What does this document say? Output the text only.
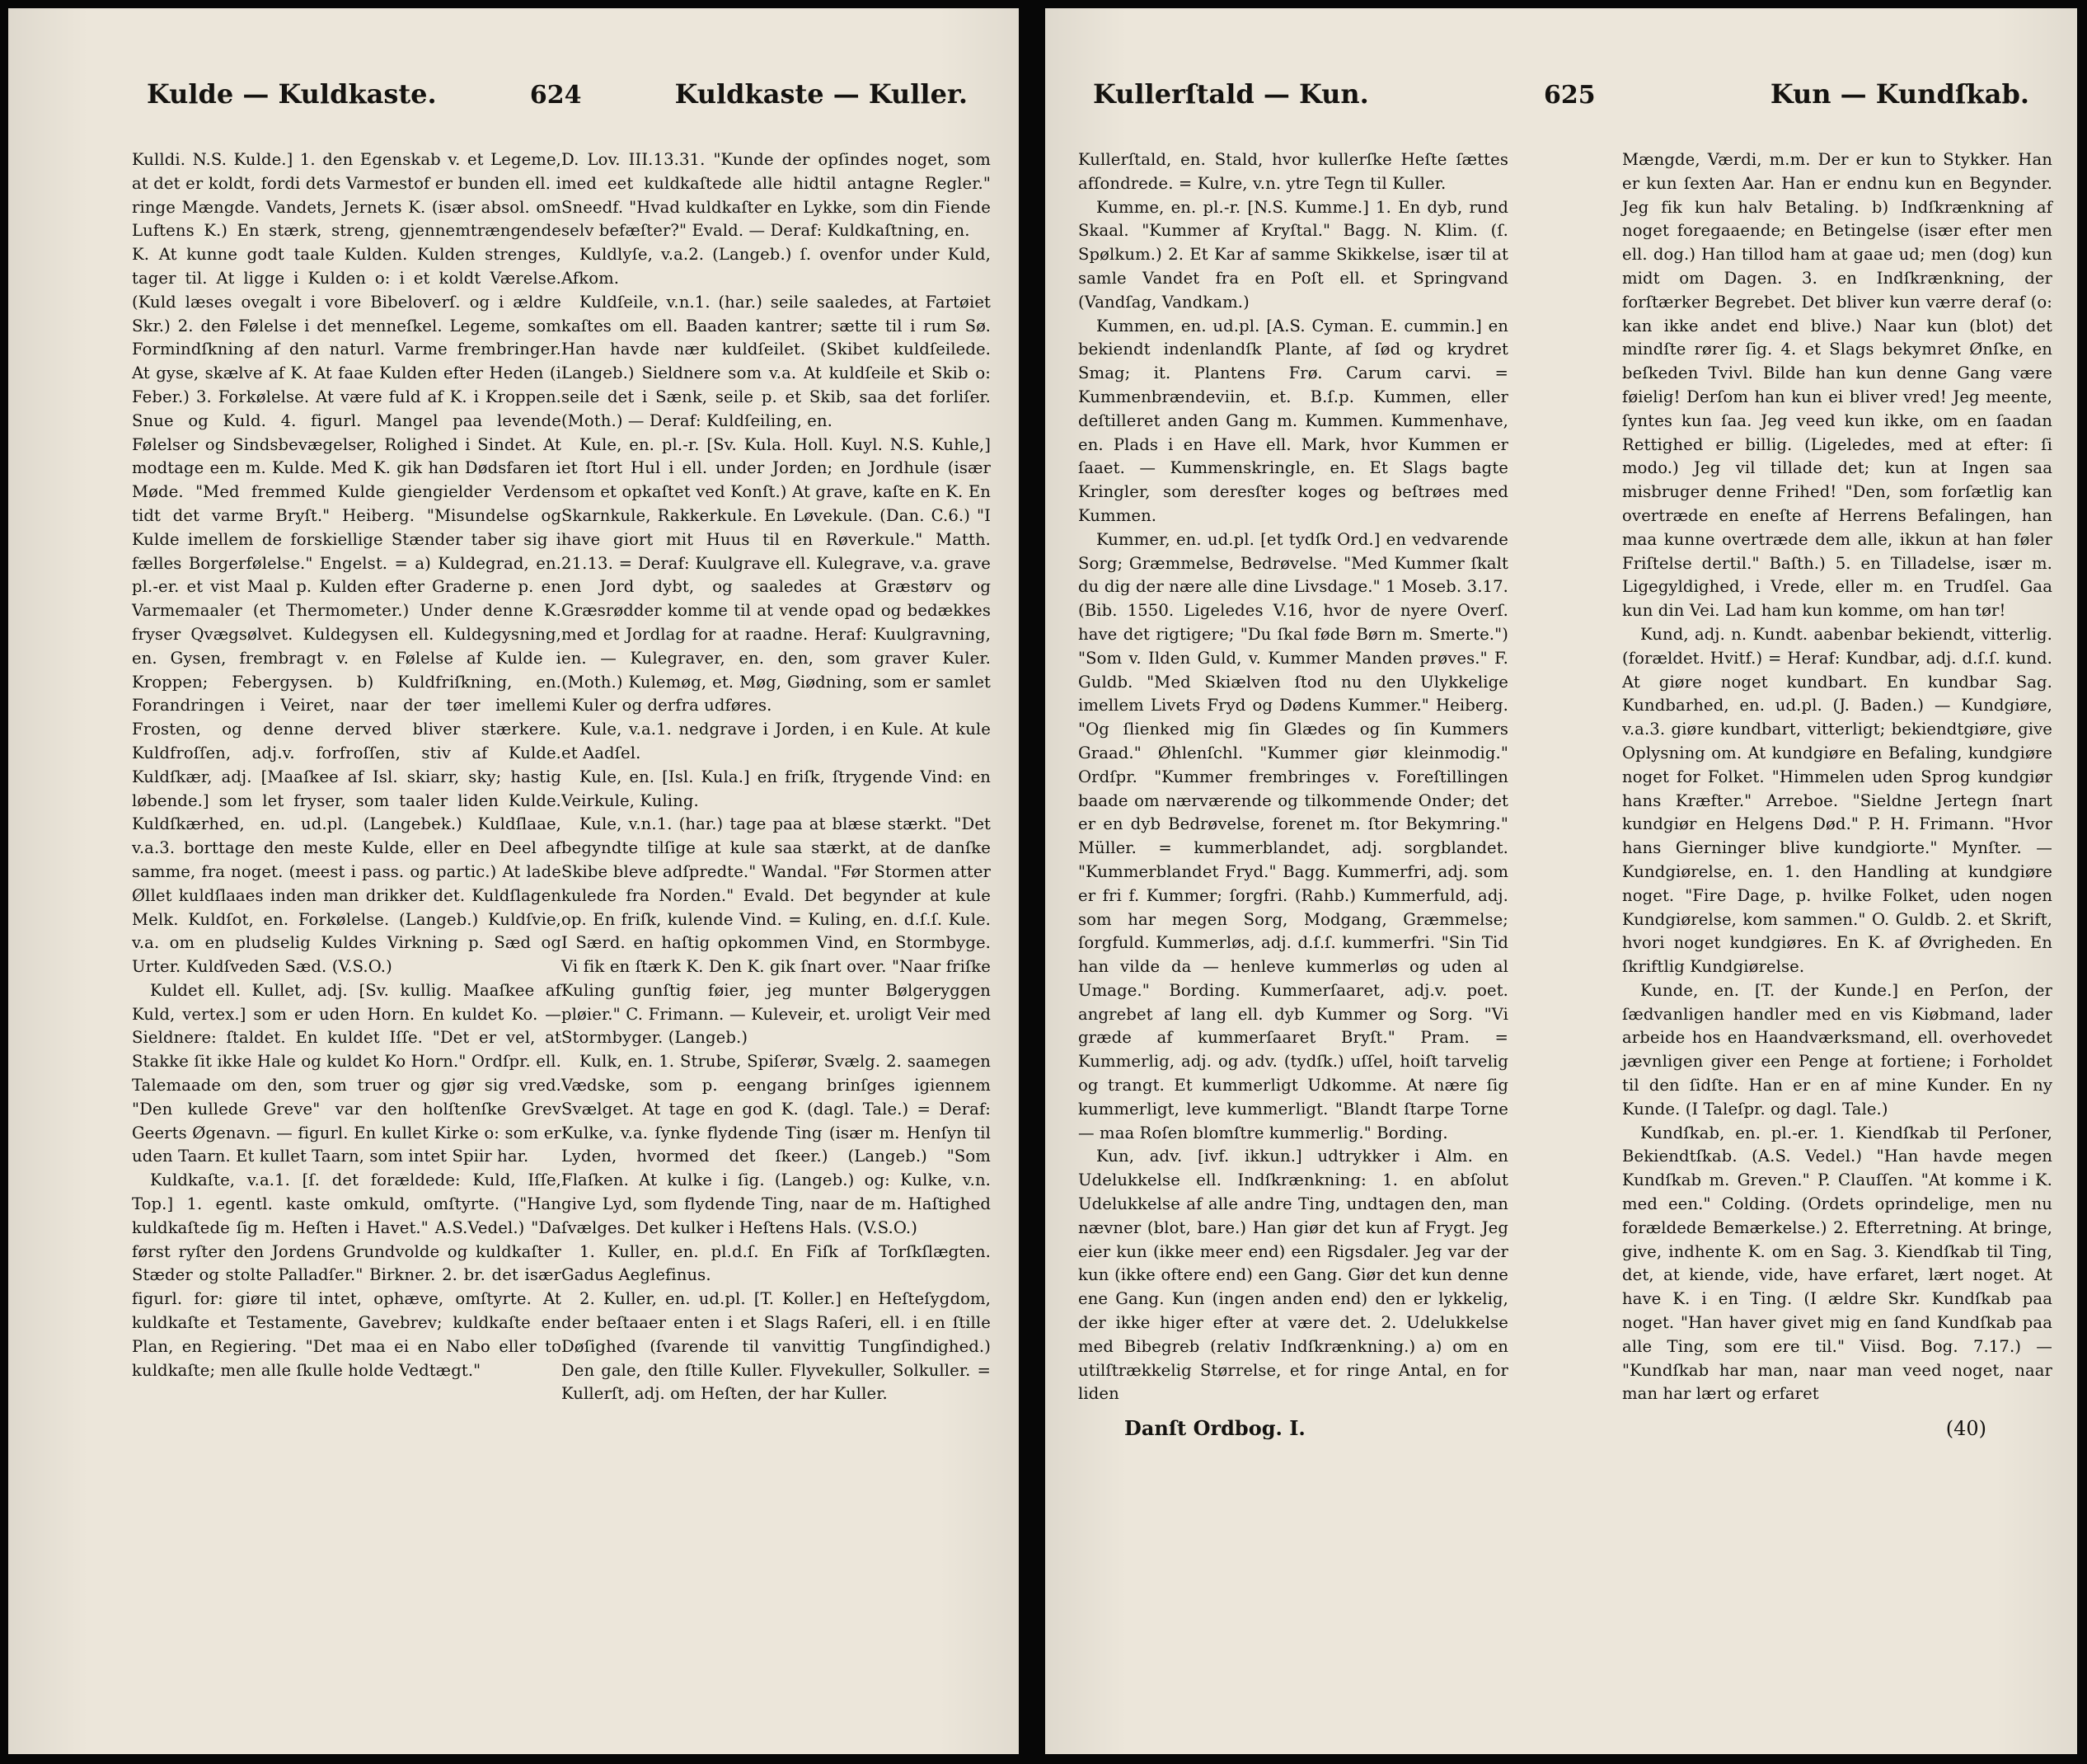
Kulde — Kuldkaste.	624	Kuldkaste — Kuller.

Kulldi. N.S. Kulde.] 1. den Egenskab v. et Legeme, at det er koldt, fordi dets Varmestof er bunden ell. i ringe Mængde. Vandets, Jernets K. (især absol. om Luftens K.) En stærk, streng, gjennemtrængende K. At kunne godt taale Kulden. Kulden strenges, tager til. At ligge i Kulden o: i et koldt Værelse. (Kuld læses ovegalt i vore Bibeloverſ. og i ældre Skr.) 2. den Følelse i det menneſkel. Legeme, som Formindſkning af den naturl. Varme frembringer. At gyse, skælve af K. At faae Kulden efter Heden (i Feber.) 3. Forkølelse. At være fuld af K. i Kroppen. Snue og Kuld. 4. figurl. Mangel paa levende Følelser og Sindsbevægelser, Rolighed i Sindet. At modtage een m. Kulde. Med K. gik han Dødsfaren i Møde. "Med fremmed Kulde giengielder Verden tidt det varme Bryſt." Heiberg. "Misundelse og Kulde imellem de forskiellige Stænder taber sig i fælles Borgerfølelse." Engelst. = a) Kuldegrad, en. pl.-er. et vist Maal p. Kulden efter Graderne p. en Varmemaaler (et Thermometer.) Under denne K. fryser Qvægsølvet. Kuldegysen ell. Kuldegysning, en. Gysen, frembragt v. en Følelse af Kulde i Kroppen; Febergysen. b) Kuldfriſkning, en. Forandringen i Veiret, naar der tøer imellem Frosten, og denne derved bliver stærkere. Kuldfroſſen, adj.v. forfroſſen, stiv af Kulde. Kuldſkær, adj. [Maaſkee af Isl. skiarr, sky; hastig løbende.] som let fryser, som taaler liden Kulde. Kuldſkærhed, en. ud.pl. (Langebek.) Kuldſlaae, v.a.3. borttage den meste Kulde, eller en Deel af samme, fra noget. (meest i pass. og partic.) At lade Øllet kuldſlaaes inden man drikker det. Kuldſlagen Melk. Kuldſot, en. Forkølelse. (Langeb.) Kuldſvie, v.a. om en pludselig Kuldes Virkning p. Sæd og Urter. Kuldſveden Sæd. (V.S.O.)

Kuldet ell. Kullet, adj. [Sv. kullig. Maaſkee af Kuld, vertex.] som er uden Horn. En kuldet Ko. — Sieldnere: ſtaldet. En kuldet Iſſe. "Det er vel, at Stakke ſit ikke Hale og kuldet Ko Horn." Ordſpr. ell. Talemaade om den, som truer og gjør sig vred. "Den kullede Greve" var den holſtenſke Grev Geerts Øgenavn. — figurl. En kullet Kirke o: som er uden Taarn. Et kullet Taarn, som intet Spiir har.

Kuldkaſte, v.a.1. [ſ. det forældede: Kuld, Iſſe, Top.] 1. egentl. kaste omkuld, omſtyrte. ("Han kuldkaſtede ſig m. Heſten i Havet." A.S.Vedel.) "Da først ryſter den Jordens Grundvolde og kuldkaſter Stæder og stolte Palladſer." Birkner. 2. br. det især figurl. for: giøre til intet, ophæve, omſtyrte. At kuldkaſte et Testamente, Gavebrev; kuldkaſte en Plan, en Regiering. "Det maa ei en Nabo eller to kuldkaſte; men alle ſkulle holde Vedtægt."

D. Lov. III.13.31. "Kunde der opſindes noget, som med eet kuldkaſtede alle hidtil antagne Regler." Sneedf. "Hvad kuldkaſter en Lykke, som din Fiende selv befæſter?" Evald. — Deraf: Kuldkaſtning, en.

Kuldlyſe, v.a.2. (Langeb.) ſ. ovenfor under Kuld, Afkom.

Kuldſeile, v.n.1. (har.) seile saaledes, at Fartøiet kaſtes om ell. Baaden kantrer; sætte til i rum Sø. Han havde nær kuldſeilet. (Skibet kuldſeilede. Langeb.) Sieldnere som v.a. At kuldſeile et Skib o: seile det i Sænk, seile p. et Skib, saa det forliſer. (Moth.) — Deraf: Kuldſeiling, en.

Kule, en. pl.-r. [Sv. Kula. Holl. Kuyl. N.S. Kuhle,] et ſtort Hul i ell. under Jorden; en Jordhule (især som et opkaſtet ved Konſt.) At grave, kaſte en K. En Skarnkule, Rakkerkule. En Løvekule. (Dan. C.6.) "I have giort mit Huus til en Røverkule." Matth. 21.13. = Deraf: Kuulgrave ell. Kulegrave, v.a. grave en Jord dybt, og saaledes at Græstørv og Græsrødder komme til at vende opad og bedækkes med et Jordlag for at raadne. Heraf: Kuulgravning, en. — Kulegraver, en. den, som graver Kuler. (Moth.) Kulemøg, et. Møg, Giødning, som er samlet i Kuler og derfra udføres.

Kule, v.a.1. nedgrave i Jorden, i en Kule. At kule et Aadſel.

Kule, en. [Isl. Kula.] en friſk, ſtrygende Vind: en Veirkule, Kuling.

Kule, v.n.1. (har.) tage paa at blæse stærkt. "Det begyndte tilſige at kule saa stærkt, at de danſke Skibe bleve adſpredte." Wandal. "Før Stormen atter kulede fra Norden." Evald. Det begynder at kule op. En friſk, kulende Vind. = Kuling, en. d.ſ.ſ. Kule. I Særd. en haſtig opkommen Vind, en Stormbyge. Vi fik en ſtærk K. Den K. gik ſnart over. "Naar friſke Kuling gunſtig føier, jeg munter Bølgeryggen pløier." C. Frimann. — Kuleveir, et. uroligt Veir med Stormbyger. (Langeb.)

Kulk, en. 1. Strube, Spiſerør, Svælg. 2. saamegen Vædske, som p. eengang brinſges igiennem Svælget. At tage en god K. (dagl. Tale.) = Deraf: Kulke, v.a. ſynke flydende Ting (især m. Henſyn til Lyden, hvormed det ſkeer.) (Langeb.) "Som Flaſken. At kulke i ſig. (Langeb.) og: Kulke, v.n. give Lyd, som flydende Ting, naar de m. Haſtighed ſvælges. Det kulker i Heſtens Hals. (V.S.O.)

1. Kuller, en. pl.d.ſ. En Fiſk af Torſkſlægten. Gadus Aeglefinus.

2. Kuller, en. ud.pl. [T. Koller.] en Heſteſygdom, der beſtaaer enten i et Slags Raſeri, ell. i en ſtille Døſighed (ſvarende til vanvittig Tungſindighed.) Den gale, den ſtille Kuller. Flyvekuller, Solkuller. = Kullerſt, adj. om Heſten, der har Kuller.

Kullerſtald — Kun.	625	Kun — Kundſkab.

Kullerſtald, en. Stald, hvor kullerſke Heſte ſættes afſondrede. = Kulre, v.n. ytre Tegn til Kuller.

Kumme, en. pl.-r. [N.S. Kumme.] 1. En dyb, rund Skaal. "Kummer af Kryſtal." Bagg. N. Klim. (ſ. Spølkum.) 2. Et Kar af samme Skikkelse, især til at samle Vandet fra en Poſt ell. et Springvand (Vandſag, Vandkam.)

Kummen, en. ud.pl. [A.S. Cyman. E. cummin.] en bekiendt indenlandſk Plante, af ſød og krydret Smag; it. Plantens Frø. Carum carvi. = Kummenbrændeviin, et. B.ſ.p. Kummen, eller deſtilleret anden Gang m. Kummen. Kummenhave, en. Plads i en Have ell. Mark, hvor Kummen er ſaaet. — Kummenskringle, en. Et Slags bagte Kringler, som deresſter koges og beſtrøes med Kummen.

Kummer, en. ud.pl. [et tydſk Ord.] en vedvarende Sorg; Græmmelse, Bedrøvelse. "Med Kummer ſkalt du dig der nære alle dine Livsdage." 1 Moseb. 3.17. (Bib. 1550. Ligeledes V.16, hvor de nyere Overſ. have det rigtigere; "Du ſkal føde Børn m. Smerte.") "Som v. Ilden Guld, v. Kummer Manden prøves." F. Guldb. "Med Skiælven ſtod nu den Ulykkelige imellem Livets Fryd og Dødens Kummer." Heiberg. "Og ſlienked mig ſin Glædes og ſin Kummers Graad." Øhlenſchl. "Kummer giør kleinmodig." Ordſpr. "Kummer frembringes v. Foreſtillingen baade om nærværende og tilkommende Onder; det er en dyb Bedrøvelse, forenet m. ſtor Bekymring." Müller. = kummerblandet, adj. sorgblandet. "Kummerblandet Fryd." Bagg. Kummerfri, adj. som er fri f. Kummer; ſorgfri. (Rahb.) Kummerfuld, adj. som har megen Sorg, Modgang, Græmmelse; ſorgfuld. Kummerløs, adj. d.ſ.ſ. kummerfri. "Sin Tid han vilde da — henleve kummerløs og uden al Umage." Bording. Kummerſaaret, adj.v. poet. angrebet af lang ell. dyb Kummer og Sorg. "Vi græde af kummerſaaret Bryſt." Pram. = Kummerlig, adj. og adv. (tydſk.) uſſel, hoiſt tarvelig og trangt. Et kummerligt Udkomme. At nære ſig kummerligt, leve kummerligt. "Blandt ſtarpe Torne — maa Roſen blomſtre kummerlig." Bording.

Kun, adv. [ivf. ikkun.] udtrykker i Alm. en Udelukkelse ell. Indſkrænkning: 1. en abſolut Udelukkelse af alle andre Ting, undtagen den, man nævner (blot, bare.) Han giør det kun af Frygt. Jeg eier kun (ikke meer end) een Rigsdaler. Jeg var der kun (ikke oftere end) een Gang. Giør det kun denne ene Gang. Kun (ingen anden end) den er lykkelig, der ikke higer efter at være det. 2. Udelukkelse med Bibegreb (relativ Indſkrænkning.) a) om en utilſtrækkelig Størrelse, et for ringe Antal, en for liden

Mængde, Værdi, m.m. Der er kun to Stykker. Han er kun ſexten Aar. Han er endnu kun en Begynder. Jeg fik kun halv Betaling. b) Indſkrænkning af noget foregaaende; en Betingelse (især efter men ell. dog.) Han tillod ham at gaae ud; men (dog) kun midt om Dagen. 3. en Indſkrænkning, der forſtærker Begrebet. Det bliver kun værre deraf (o: kan ikke andet end blive.) Naar kun (blot) det mindſte rører ſig. 4. et Slags bekymret Ønſke, en beſkeden Tvivl. Bilde han kun denne Gang være føielig! Derſom han kun ei bliver vred! Jeg meente, ſyntes kun ſaa. Jeg veed kun ikke, om en ſaadan Rettighed er billig. (Ligeledes, med at efter: ſi modo.) Jeg vil tillade det; kun at Ingen saa misbruger denne Frihed! "Den, som forſætlig kan overtræde en eneſte af Herrens Befalingen, han maa kunne overtræde dem alle, ikkun at han føler Friſtelse dertil." Baſth.) 5. en Tilladelse, især m. Ligegyldighed, i Vrede, eller m. en Trudſel. Gaa kun din Vei. Lad ham kun komme, om han tør!

Kund, adj. n. Kundt. aabenbar bekiendt, vitterlig. (forældet. Hvitf.) = Heraf: Kundbar, adj. d.ſ.ſ. kund. At giøre noget kundbart. En kundbar Sag. Kundbarhed, en. ud.pl. (J. Baden.) — Kundgiøre, v.a.3. giøre kundbart, vitterligt; bekiendtgiøre, give Oplysning om. At kundgiøre en Befaling, kundgiøre noget for Folket. "Himmelen uden Sprog kundgiør hans Kræfter." Arreboe. "Sieldne Jertegn ſnart kundgiør en Helgens Død." P. H. Frimann. "Hvor hans Gierninger blive kundgiorte." Mynſter. — Kundgiørelse, en. 1. den Handling at kundgiøre noget. "Fire Dage, p. hvilke Folket, uden nogen Kundgiørelse, kom sammen." O. Guldb. 2. et Skrift, hvori noget kundgiøres. En K. af Øvrigheden. En ſkriftlig Kundgiørelse.

Kunde, en. [T. der Kunde.] en Perſon, der ſædvanligen handler med en vis Kiøbmand, lader arbeide hos en Haandværksmand, ell. overhovedet jævnligen giver een Penge at fortiene; i Forholdet til den ſidſte. Han er en af mine Kunder. En ny Kunde. (I Taleſpr. og dagl. Tale.)

Kundſkab, en. pl.-er. 1. Kiendſkab til Perſoner, Bekiendtſkab. (A.S. Vedel.) "Han havde megen Kundſkab m. Greven." P. Clauſſen. "At komme i K. med een." Colding. (Ordets oprindelige, men nu forældede Bemærkelse.) 2. Efterretning. At bringe, give, indhente K. om en Sag. 3. Kiendſkab til Ting, det, at kiende, vide, have erfaret, lært noget. At have K. i en Ting. (I ældre Skr. Kundſkab paa noget. "Han haver givet mig en ſand Kundſkab paa alle Ting, som ere til." Viisd. Bog. 7.17.) — "Kundſkab har man, naar man veed noget, naar man har lært og erfaret

Danſt Ordbog. I.	(40)
